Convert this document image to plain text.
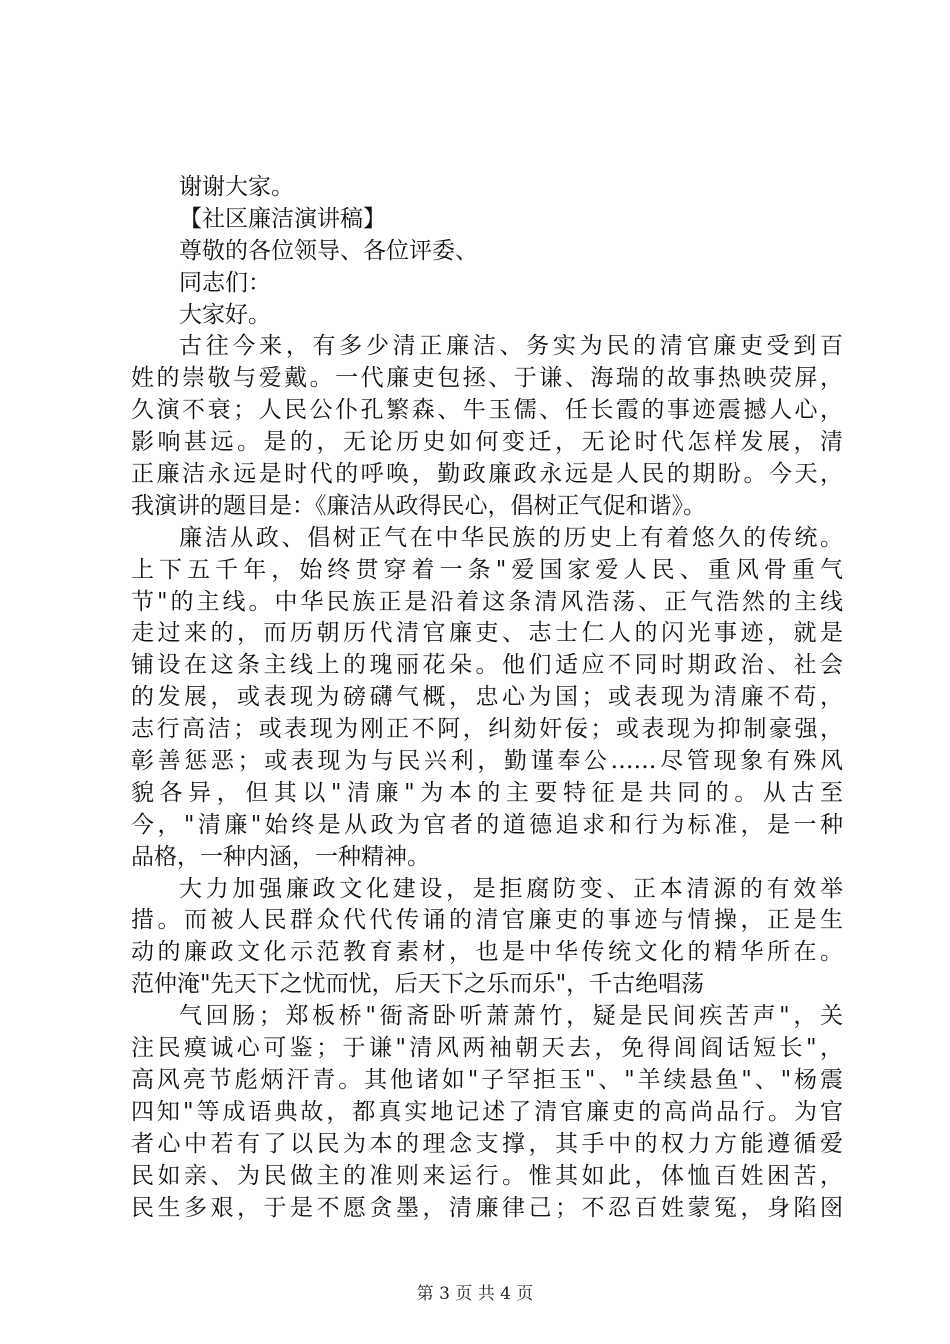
谢谢大家。
【社区廉洁演讲稿】
尊敬的各位领导、各位评委、
同志们：
大家好。
古往今来，有多少清正廉洁、务实为民的清官廉吏受到百
姓的崇敬与爱戴。一代廉吏包拯、于谦、海瑞的故事热映荧屏，
久演不衰；人民公仆孔繁森、牛玉儒、任长霞的事迹震撼人心，
影响甚远。是的，无论历史如何变迁，无论时代怎样发展，清
正廉洁永远是时代的呼唤，勤政廉政永远是人民的期盼。今天，
我演讲的题目是：《廉洁从政得民心，倡树正气促和谐》。
廉洁从政、倡树正气在中华民族的历史上有着悠久的传统。
上下五千年，始终贯穿着一条"爱国家爱人民、重风骨重气
节"的主线。中华民族正是沿着这条清风浩荡、正气浩然的主线
走过来的，而历朝历代清官廉吏、志士仁人的闪光事迹，就是
铺设在这条主线上的瑰丽花朵。他们适应不同时期政治、社会
的发展，或表现为磅礴气概，忠心为国；或表现为清廉不苟，
志行高洁；或表现为刚正不阿，纠劾奸佞；或表现为抑制豪强，
彰善惩恶；或表现为与民兴利，勤谨奉公……尽管现象有殊风
貌各异，但其以"清廉"为本的主要特征是共同的。从古至
今，"清廉"始终是从政为官者的道德追求和行为标准，是一种
品格，一种内涵，一种精神。
大力加强廉政文化建设，是拒腐防变、正本清源的有效举
措。而被人民群众代代传诵的清官廉吏的事迹与情操，正是生
动的廉政文化示范教育素材，也是中华传统文化的精华所在。
范仲淹"先天下之忧而忧，后天下之乐而乐"，千古绝唱荡
气回肠；郑板桥"衙斋卧听萧萧竹，疑是民间疾苦声"，关
注民瘼诚心可鉴；于谦"清风两袖朝天去，免得闾阎话短长"，
高风亮节彪炳汗青。其他诸如"子罕拒玉"、"羊续悬鱼"、"杨震
四知"等成语典故，都真实地记述了清官廉吏的高尚品行。为官
者心中若有了以民为本的理念支撑，其手中的权力方能遵循爱
民如亲、为民做主的准则来运行。惟其如此，体恤百姓困苦，
民生多艰，于是不愿贪墨，清廉律己；不忍百姓蒙冤，身陷囹
第 3 页 共 4 页
